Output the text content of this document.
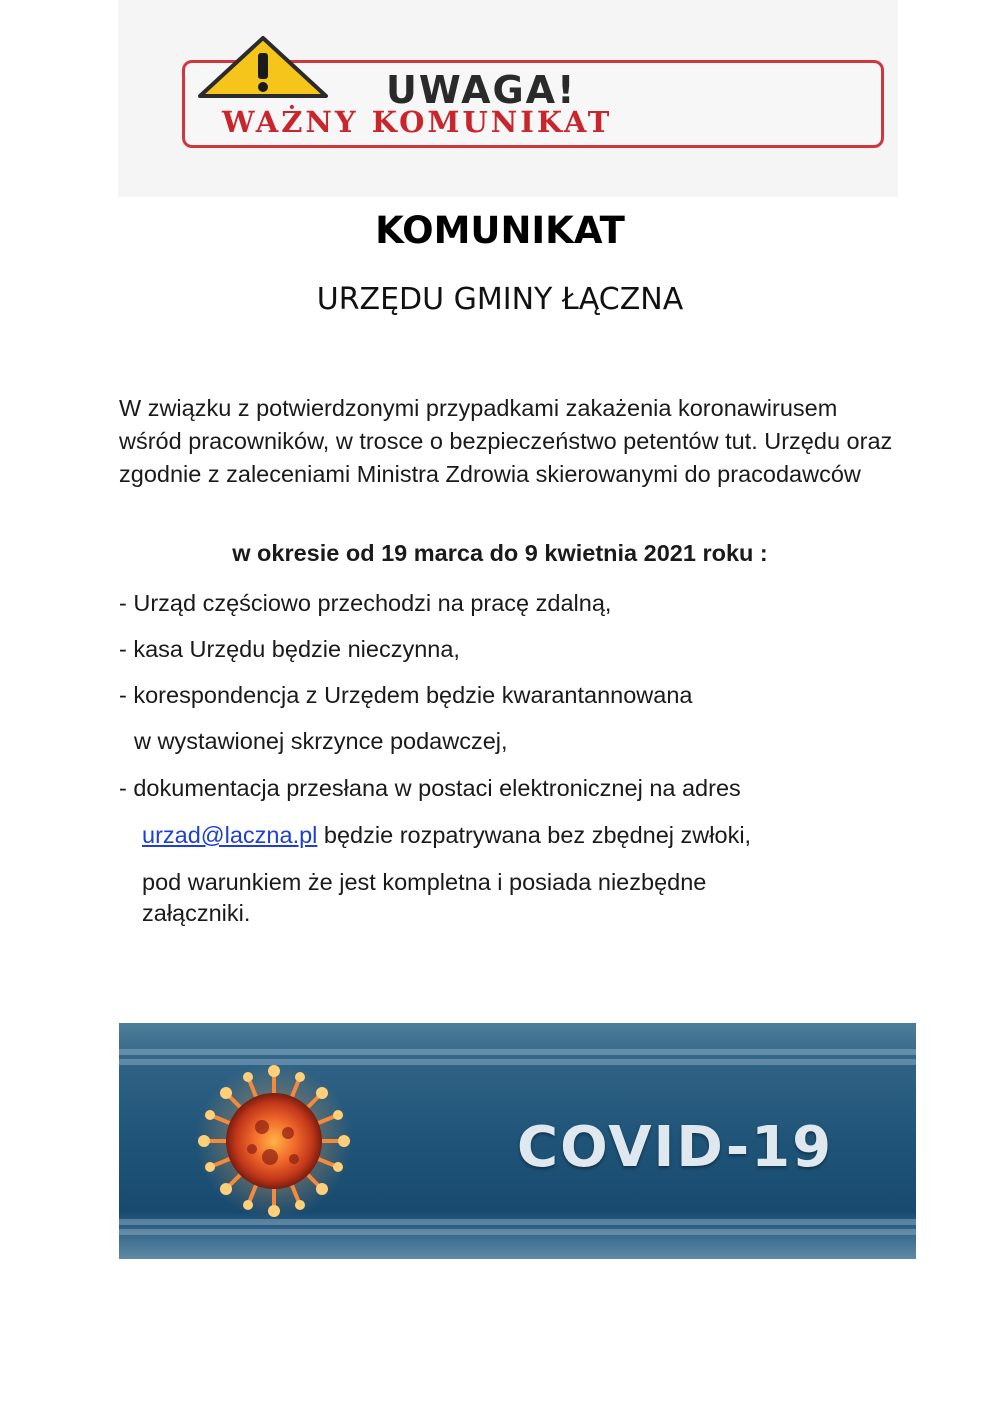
UWAGA!
WAŻNY KOMUNIKAT
KOMUNIKAT
URZĘDU GMINY ŁĄCZNA
W związku z potwierdzonymi przypadkami zakażenia koronawirusem wśród pracowników, w trosce o bezpieczeństwo petentów tut. Urzędu oraz zgodnie z zaleceniami Ministra Zdrowia skierowanymi do pracodawców
w okresie od 19 marca do 9 kwietnia 2021 roku :
- Urząd częściowo przechodzi na pracę zdalną,
- kasa Urzędu będzie nieczynna,
- korespondencja z Urzędem będzie kwarantannowana
w wystawionej skrzynce podawczej,
- dokumentacja przesłana w postaci elektronicznej na adres
urzad@laczna.pl będzie rozpatrywana bez zbędnej zwłoki,
pod warunkiem że jest kompletna i posiada niezbędne
załączniki.
COVID-19
